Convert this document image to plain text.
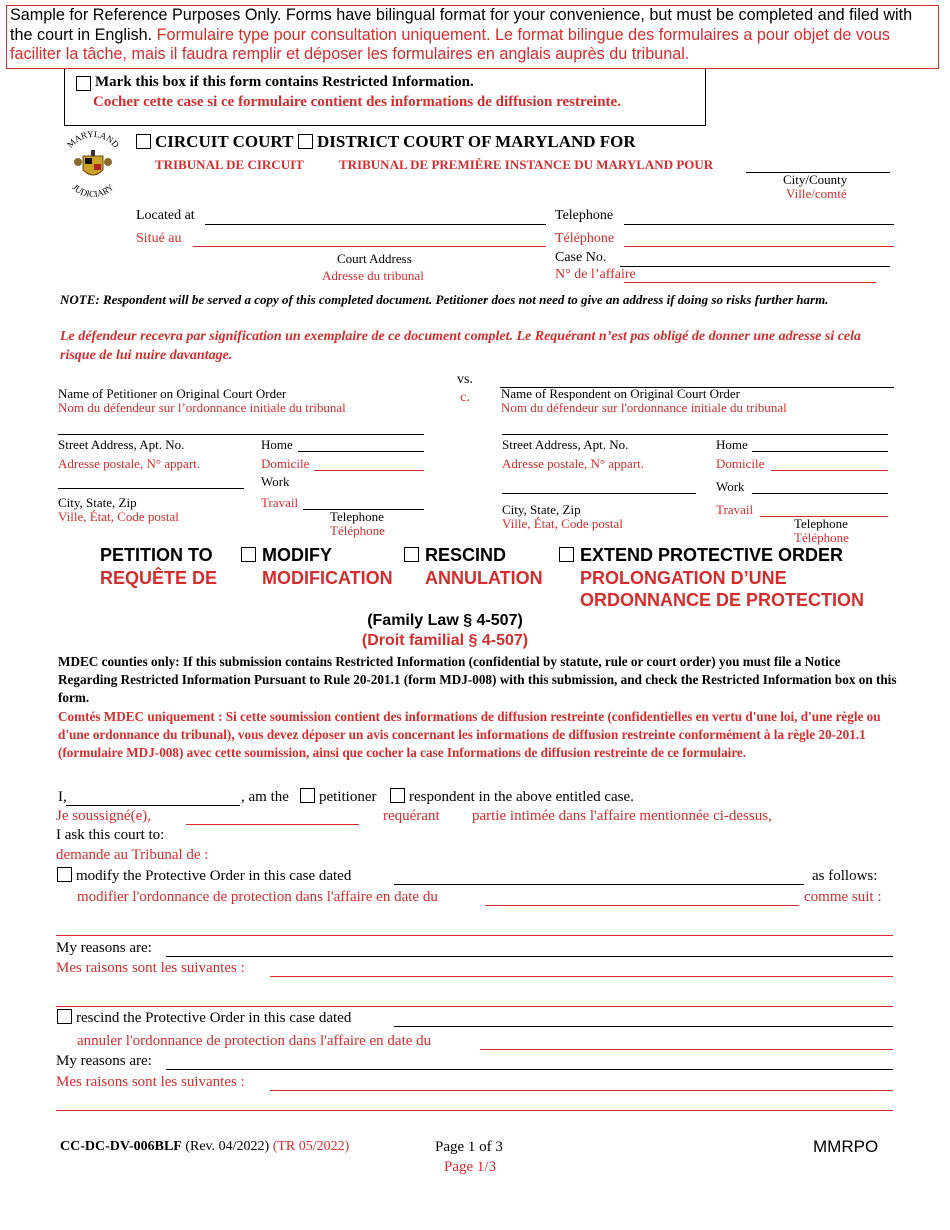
Sample for Reference Purposes Only. Forms have bilingual format for your convenience, but must be completed and filed with the court in English. Formulaire type pour consultation uniquement. Le format bilingue des formulaires a pour objet de vous faciliter la tâche, mais il faudra remplir et déposer les formulaires en anglais auprès du tribunal.
Mark this box if this form contains Restricted Information.
Cocher cette case si ce formulaire contient des informations de diffusion restreinte.
MARYLAND
JUDICIARY
CIRCUIT COURT DISTRICT COURT OF MARYLAND FOR
TRIBUNAL DE CIRCUIT	TRIBUNAL DE PREMIÈRE INSTANCE DU MARYLAND POUR
City/County
Ville/comté
Located at
Situé au
Court Address
Adresse du tribunal
Telephone
Téléphone
Case No.
N° de l’affaire
NOTE: Respondent will be served a copy of this completed document. Petitioner does not need to give an address if doing so risks further harm.
Le défendeur recevra par signification un exemplaire de ce document complet. Le Requérant n’est pas obligé de donner une adresse si cela risque de lui nuire davantage.
vs.
c.
Name of Petitioner on Original Court Order
Nom du défendeur sur l’ordonnance initiale du tribunal
Name of Respondent on Original Court Order
Nom du défendeur sur l'ordonnance initiale du tribunal
Street Address, Apt. No.
Adresse postale, N° appart.
Home
Domicile
Work
City, State, Zip
Ville, État, Code postal
Travail
Telephone
Téléphone
Street Address, Apt. No.
Adresse postale, N° appart.
Home
Domicile
Work
City, State, Zip
Ville, État, Code postal
Travail
Telephone
Téléphone
PETITION TO
REQUÊTE DE
MODIFY
MODIFICATION
RESCIND
ANNULATION
EXTEND PROTECTIVE ORDER
PROLONGATION D’UNE
ORDONNANCE DE PROTECTION
(Family Law § 4-507)
(Droit familial § 4-507)
MDEC counties only: If this submission contains Restricted Information (confidential by statute, rule or court order) you must file a Notice Regarding Restricted Information Pursuant to Rule 20-201.1 (form MDJ-008) with this submission, and check the Restricted Information box on this form.
Comtés MDEC uniquement : Si cette soumission contient des informations de diffusion restreinte (confidentielles en vertu d'une loi, d'une règle ou d'une ordonnance du tribunal), vous devez déposer un avis concernant les informations de diffusion restreinte conformément à la règle 20-201.1 (formulaire MDJ-008) avec cette soumission, ainsi que cocher la case Informations de diffusion restreinte de ce formulaire.
I,	, am the petitioner respondent in the above entitled case.
Je soussigné(e),	requérant partie intimée dans l'affaire mentionnée ci-dessus,
I ask this court to:
demande au Tribunal de :
modify the Protective Order in this case dated	as follows:
modifier l'ordonnance de protection dans l'affaire en date du	comme suit :
My reasons are:
Mes raisons sont les suivantes :
rescind the Protective Order in this case dated
annuler l'ordonnance de protection dans l'affaire en date du
My reasons are:
Mes raisons sont les suivantes :
CC-DC-DV-006BLF (Rev. 04/2022) (TR 05/2022)	Page 1 of 3
Page 1/3
MMRPO
